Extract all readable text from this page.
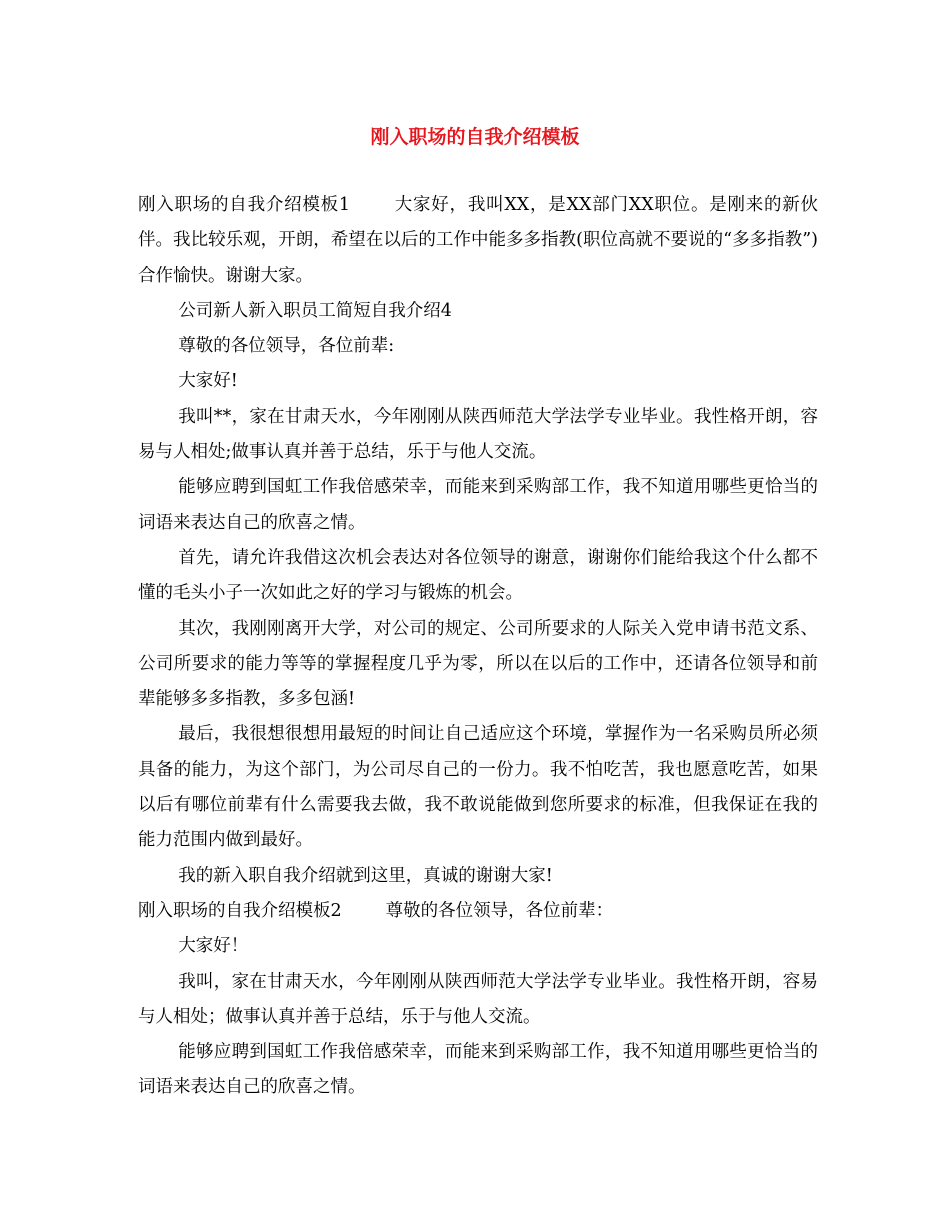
刚入职场的自我介绍模板

刚入职场的自我介绍模板1	大家好，我叫XX，是XX部门XX职位。是刚来的新伙伴。我比较乐观，开朗，希望在以后的工作中能多多指教(职位高就不要说的“多多指教”)合作愉快。谢谢大家。

公司新人新入职员工简短自我介绍4

尊敬的各位领导，各位前辈:

大家好!

我叫**，家在甘肃天水，今年刚刚从陕西师范大学法学专业毕业。我性格开朗，容易与人相处;做事认真并善于总结，乐于与他人交流。

能够应聘到国虹工作我倍感荣幸，而能来到采购部工作，我不知道用哪些更恰当的词语来表达自己的欣喜之情。

首先，请允许我借这次机会表达对各位领导的谢意，谢谢你们能给我这个什么都不懂的毛头小子一次如此之好的学习与锻炼的机会。

其次，我刚刚离开大学，对公司的规定、公司所要求的人际关入党申请书范文系、公司所要求的能力等等的掌握程度几乎为零，所以在以后的工作中，还请各位领导和前辈能够多多指教，多多包涵!

最后，我很想很想用最短的时间让自己适应这个环境，掌握作为一名采购员所必须具备的能力，为这个部门，为公司尽自己的一份力。我不怕吃苦，我也愿意吃苦，如果以后有哪位前辈有什么需要我去做，我不敢说能做到您所要求的标准，但我保证在我的能力范围内做到最好。

我的新入职自我介绍就到这里，真诚的谢谢大家!

刚入职场的自我介绍模板2	尊敬的各位领导，各位前辈：

大家好！

我叫，家在甘肃天水，今年刚刚从陕西师范大学法学专业毕业。我性格开朗，容易与人相处；做事认真并善于总结，乐于与他人交流。

能够应聘到国虹工作我倍感荣幸，而能来到采购部工作，我不知道用哪些更恰当的词语来表达自己的欣喜之情。
